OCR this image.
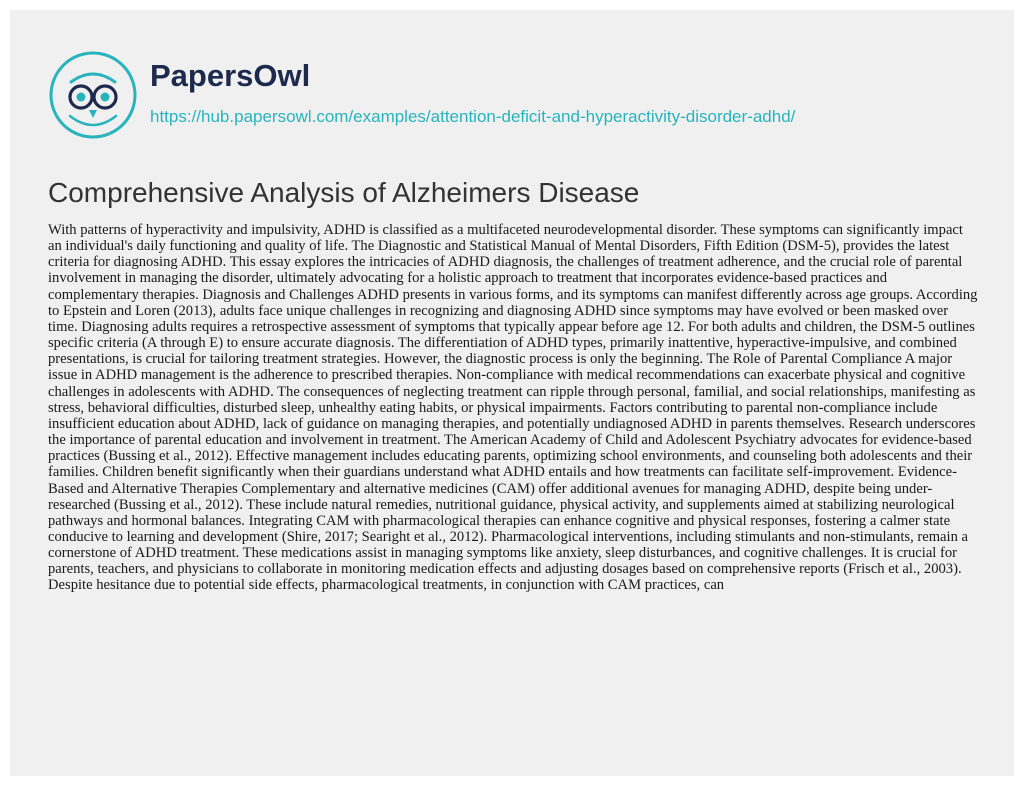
PapersOwl
https://hub.papersowl.com/examples/attention-deficit-and-hyperactivity-disorder-adhd/
Comprehensive Analysis of Alzheimers Disease

With patterns of hyperactivity and impulsivity, ADHD is classified as a multifaceted neurodevelopmental disorder. These symptoms can significantly impact an individual's daily functioning and quality of life. The Diagnostic and Statistical Manual of Mental Disorders, Fifth Edition (DSM-5), provides the latest criteria for diagnosing ADHD. This essay explores the intricacies of ADHD diagnosis, the challenges of treatment adherence, and the crucial role of parental involvement in managing the disorder, ultimately advocating for a holistic approach to treatment that incorporates evidence-based practices and complementary therapies. Diagnosis and Challenges ADHD presents in various forms, and its symptoms can manifest differently across age groups. According to Epstein and Loren (2013), adults face unique challenges in recognizing and diagnosing ADHD since symptoms may have evolved or been masked over time. Diagnosing adults requires a retrospective assessment of symptoms that typically appear before age 12. For both adults and children, the DSM-5 outlines specific criteria (A through E) to ensure accurate diagnosis. The differentiation of ADHD types, primarily inattentive, hyperactive-impulsive, and combined presentations, is crucial for tailoring treatment strategies. However, the diagnostic process is only the beginning. The Role of Parental Compliance A major issue in ADHD management is the adherence to prescribed therapies. Non-compliance with medical recommendations can exacerbate physical and cognitive challenges in adolescents with ADHD. The consequences of neglecting treatment can ripple through personal, familial, and social relationships, manifesting as stress, behavioral difficulties, disturbed sleep, unhealthy eating habits, or physical impairments. Factors contributing to parental non-compliance include insufficient education about ADHD, lack of guidance on managing therapies, and potentially undiagnosed ADHD in parents themselves. Research underscores the importance of parental education and involvement in treatment. The American Academy of Child and Adolescent Psychiatry advocates for evidence-based practices (Bussing et al., 2012). Effective management includes educating parents, optimizing school environments, and counseling both adolescents and their families. Children benefit significantly when their guardians understand what ADHD entails and how treatments can facilitate self-improvement. Evidence-Based and Alternative Therapies Complementary and alternative medicines (CAM) offer additional avenues for managing ADHD, despite being under-researched (Bussing et al., 2012). These include natural remedies, nutritional guidance, physical activity, and supplements aimed at stabilizing neurological pathways and hormonal balances. Integrating CAM with pharmacological therapies can enhance cognitive and physical responses, fostering a calmer state conducive to learning and development (Shire, 2017; Searight et al., 2012). Pharmacological interventions, including stimulants and non-stimulants, remain a cornerstone of ADHD treatment. These medications assist in managing symptoms like anxiety, sleep disturbances, and cognitive challenges. It is crucial for parents, teachers, and physicians to collaborate in monitoring medication effects and adjusting dosages based on comprehensive reports (Frisch et al., 2003). Despite hesitance due to potential side effects, pharmacological treatments, in conjunction with CAM practices, can
